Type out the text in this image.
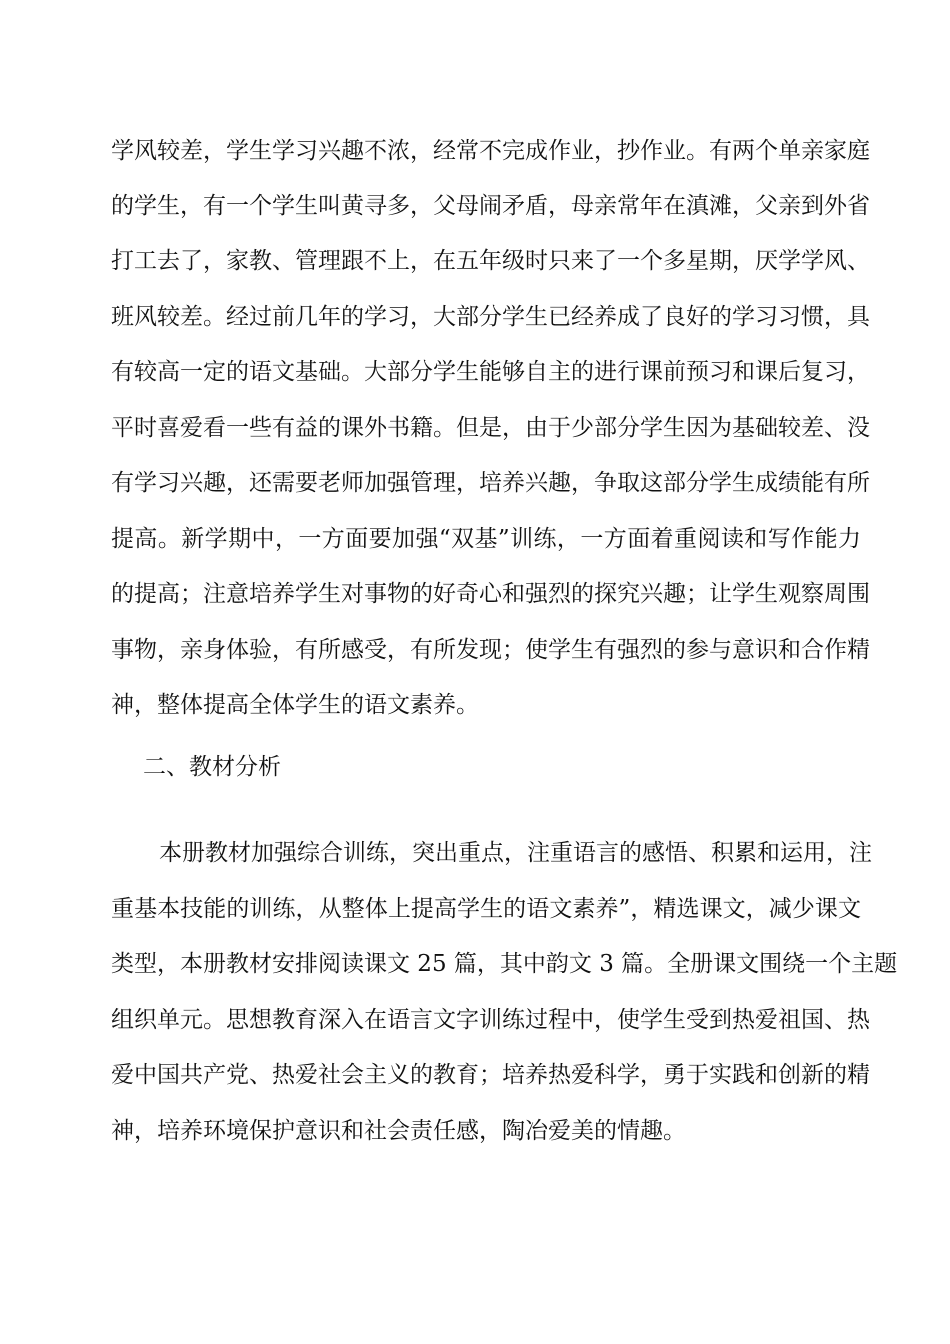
学风较差，学生学习兴趣不浓，经常不完成作业，抄作业。有两个单亲家庭
的学生，有一个学生叫黄寻多，父母闹矛盾，母亲常年在滇滩，父亲到外省
打工去了，家教、管理跟不上，在五年级时只来了一个多星期，厌学学风、
班风较差。经过前几年的学习，大部分学生已经养成了良好的学习习惯，具
有较高一定的语文基础。大部分学生能够自主的进行课前预习和课后复习，
平时喜爱看一些有益的课外书籍。但是，由于少部分学生因为基础较差、没
有学习兴趣，还需要老师加强管理，培养兴趣，争取这部分学生成绩能有所
提高。新学期中，一方面要加强“双基”训练，一方面着重阅读和写作能力
的提高；注意培养学生对事物的好奇心和强烈的探究兴趣；让学生观察周围
事物，亲身体验，有所感受，有所发现；使学生有强烈的参与意识和合作精
神，整体提高全体学生的语文素养。
二、教材分析
本册教材加强综合训练，突出重点，注重语言的感悟、积累和运用，注
重基本技能的训练，从整体上提高学生的语文素养”，精选课文，减少课文
类型，本册教材安排阅读课文 25 篇，其中韵文 3 篇。全册课文围绕一个主题
组织单元。思想教育深入在语言文字训练过程中，使学生受到热爱祖国、热
爱中国共产党、热爱社会主义的教育；培养热爱科学，勇于实践和创新的精
神，培养环境保护意识和社会责任感，陶冶爱美的情趣。
